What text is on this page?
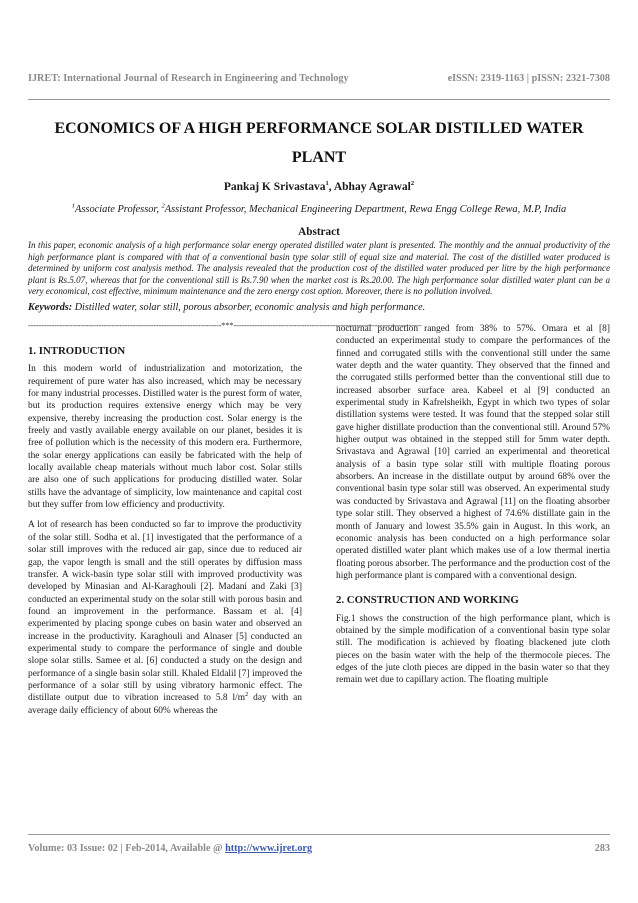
IJRET: International Journal of Research in Engineering and Technology	eISSN: 2319-1163 | pISSN: 2321-7308
ECONOMICS OF A HIGH PERFORMANCE SOLAR DISTILLED WATER
PLANT
Pankaj K Srivastava$^1$, Abhay Agrawal$^2$
$^1$Associate Professor, $^2$Assistant Professor, Mechanical Engineering Department, Rewa Engg College Rewa, M.P, India
Abstract
In this paper, economic analysis of a high performance solar energy operated distilled water plant is presented. The monthly and the annual productivity of the high performance plant is compared with that of a conventional basin type solar still of equal size and material. The cost of the distilled water produced is determined by uniform cost analysis method. The analysis revealed that the production cost of the distilled water produced per litre by the high performance plant is Rs.5.07, whereas that for the conventional still is Rs.7.90 when the market cost is Rs.20.00. The high performance solar distilled water plant can be a very economical, cost effective, minimum maintenance and the zero energy cost option. Moreover, there is no pollution involved.
Keywords: Distilled water, solar still, porous absorber, economic analysis and high performance.
--------------------------------------------------------------------------***------------------------------------------------------------------------
1. INTRODUCTION

In this modern world of industrialization and motorization, the requirement of pure water has also increased, which may be necessary for many industrial processes. Distilled water is the purest form of water, but its production requires extensive energy which may be very expensive, thereby increasing the production cost. Solar energy is the freely and vastly available energy available on our planet, besides it is free of pollution which is the necessity of this modern era. Furthermore, the solar energy applications can easily be fabricated with the help of locally available cheap materials without much labor cost. Solar stills are also one of such applications for producing distilled water. Solar stills have the advantage of simplicity, low maintenance and capital cost but they suffer from low efficiency and productivity.

A lot of research has been conducted so far to improve the productivity of the solar still. Sodha et al. [1] investigated that the performance of a solar still improves with the reduced air gap, since due to reduced air gap, the vapor length is small and the still operates by diffusion mass transfer. A wick-basin type solar still with improved productivity was developed by Minasian and Al-Karaghouli [2]. Madani and Zaki [3] conducted an experimental study on the solar still with porous basin and found an improvement in the performance. Bassam et al. [4] experimented by placing sponge cubes on basin water and observed an increase in the productivity. Karaghouli and Alnaser [5] conducted an experimental study to compare the performance of single and double slope solar stills. Samee et al. [6] conducted a study on the design and performance of a single basin solar still. Khaled Eldalil [7] improved the performance of a solar still by using vibratory harmonic effect. The distillate output due to vibration increased to 5.8 $l/m^2$ day with an average daily efficiency of about 60% whereas the

nocturnal production ranged from 38% to 57%. Omara et al [8] conducted an experimental study to compare the performances of the finned and corrugated stills with the conventional still under the same water depth and the water quantity. They observed that the finned and the corrugated stills performed better than the conventional still due to increased absorber surface area. Kabeel et al [9] conducted an experimental study in Kafrelsheikh, Egypt in which two types of solar distillation systems were tested. It was found that the stepped solar still gave higher distillate production than the conventional still. Around 57% higher output was obtained in the stepped still for 5mm water depth. Srivastava and Agrawal [10] carried an experimental and theoretical analysis of a basin type solar still with multiple floating porous absorbers. An increase in the distillate output by around 68% over the conventional basin type solar still was observed. An experimental study was conducted by Srivastava and Agrawal [11] on the floating absorber type solar still. They observed a highest of 74.6% distillate gain in the month of January and lowest 35.5% gain in August. In this work, an economic analysis has been conducted on a high performance solar operated distilled water plant which makes use of a low thermal inertia floating porous absorber. The performance and the production cost of the high performance plant is compared with a conventional design.

2. CONSTRUCTION AND WORKING

Fig.1 shows the construction of the high performance plant, which is obtained by the simple modification of a conventional basin type solar still. The modification is achieved by floating blackened jute cloth pieces on the basin water with the help of the thermocole pieces. The edges of the jute cloth pieces are dipped in the basin water so that they remain wet due to capillary action. The floating multiple

Volume: 03 Issue: 02 | Feb-2014, Available @ http://www.ijret.org	283
